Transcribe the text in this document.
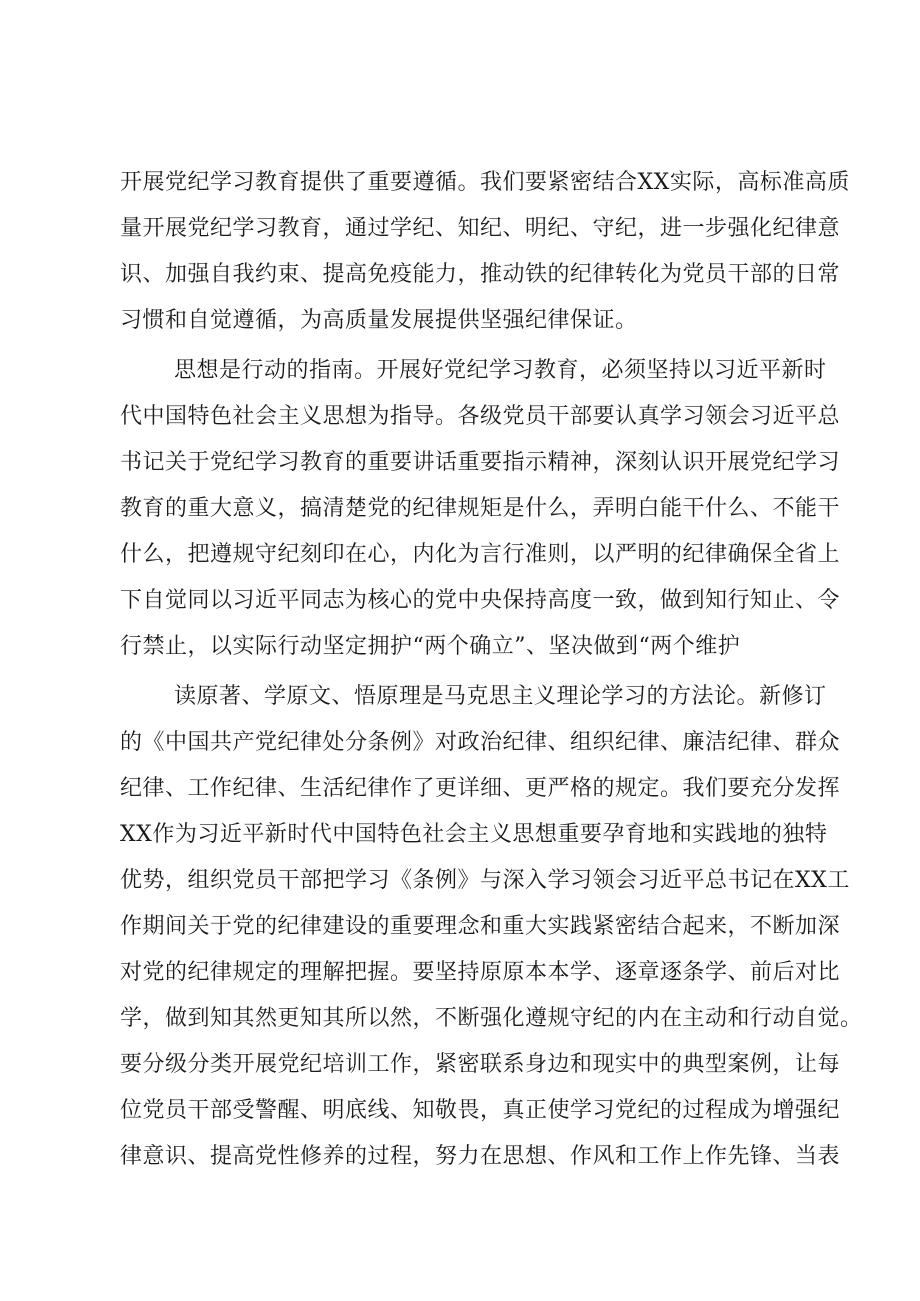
开展党纪学习教育提供了重要遵循。我们要紧密结合XX实际，高标准高质
量开展党纪学习教育，通过学纪、知纪、明纪、守纪，进一步强化纪律意
识、加强自我约束、提高免疫能力，推动铁的纪律转化为党员干部的日常
习惯和自觉遵循，为高质量发展提供坚强纪律保证。
思想是行动的指南。开展好党纪学习教育，必须坚持以习近平新时
代中国特色社会主义思想为指导。各级党员干部要认真学习领会习近平总
书记关于党纪学习教育的重要讲话重要指示精神，深刻认识开展党纪学习
教育的重大意义，搞清楚党的纪律规矩是什么，弄明白能干什么、不能干
什么，把遵规守纪刻印在心，内化为言行准则，以严明的纪律确保全省上
下自觉同以习近平同志为核心的党中央保持高度一致，做到知行知止、令
行禁止，以实际行动坚定拥护“两个确立”、坚决做到“两个维护
读原著、学原文、悟原理是马克思主义理论学习的方法论。新修订
的《中国共产党纪律处分条例》对政治纪律、组织纪律、廉洁纪律、群众
纪律、工作纪律、生活纪律作了更详细、更严格的规定。我们要充分发挥
XX作为习近平新时代中国特色社会主义思想重要孕育地和实践地的独特
优势，组织党员干部把学习《条例》与深入学习领会习近平总书记在XX工
作期间关于党的纪律建设的重要理念和重大实践紧密结合起来，不断加深
对党的纪律规定的理解把握。要坚持原原本本学、逐章逐条学、前后对比
学，做到知其然更知其所以然，不断强化遵规守纪的内在主动和行动自觉。
要分级分类开展党纪培训工作，紧密联系身边和现实中的典型案例，让每
位党员干部受警醒、明底线、知敬畏，真正使学习党纪的过程成为增强纪
律意识、提高党性修养的过程，努力在思想、作风和工作上作先锋、当表
